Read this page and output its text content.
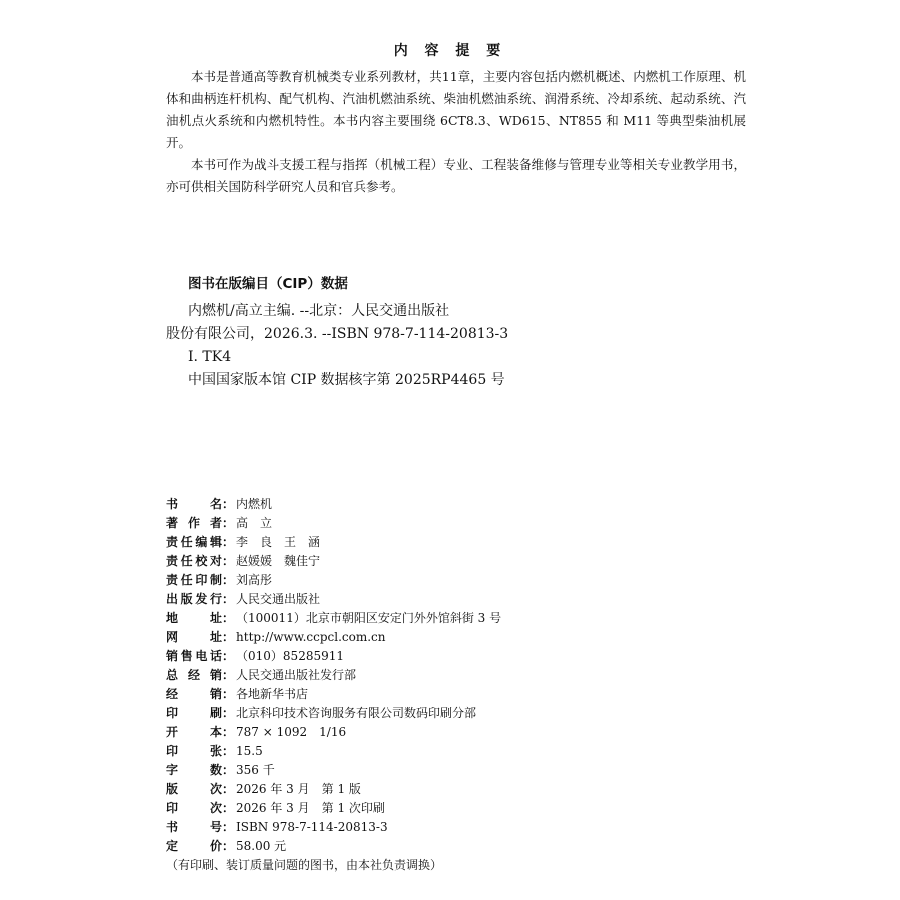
内 容 提 要

本书是普通高等教育机械类专业系列教材，共11章，主要内容包括内燃机概述、内燃机工作原理、机体和曲柄连杆机构、配气机构、汽油机燃油系统、柴油机燃油系统、润滑系统、冷却系统、起动系统、汽油机点火系统和内燃机特性。本书内容主要围绕 6CT8.3、WD615、NT855 和 M11 等典型柴油机展开。

本书可作为战斗支援工程与指挥（机械工程）专业、工程装备维修与管理专业等相关专业教学用书，亦可供相关国防科学研究人员和官兵参考。

图书在版编目（CIP）数据
内燃机/高立主编. --北京：人民交通出版社
股份有限公司，2026.3. --ISBN 978-7-114-20813-3
Ⅰ. TK4
中国国家版本馆 CIP 数据核字第 2025RP4465 号
书名 ： 内燃机
著作者 ： 高　立
责任编辑 ： 李　良　王　涵
责任校对 ： 赵媛媛　魏佳宁
责任印制 ： 刘高彤
出版发行 ： 人民交通出版社
地址 ： （100011）北京市朝阳区安定门外外馆斜街 3 号
网址 ： http://www.ccpcl.com.cn
销售电话 ： （010）85285911
总经销 ： 人民交通出版社发行部
经销 ： 各地新华书店
印刷 ： 北京科印技术咨询服务有限公司数码印刷分部
开本 ： 787 × 1092　1/16
印张 ： 15.5
字数 ： 356 千
版次 ： 2026 年 3 月　第 1 版
印次 ： 2026 年 3 月　第 1 次印刷
书号 ： ISBN 978-7-114-20813-3
定价 ： 58.00 元
（有印刷、装订质量问题的图书，由本社负责调换）
